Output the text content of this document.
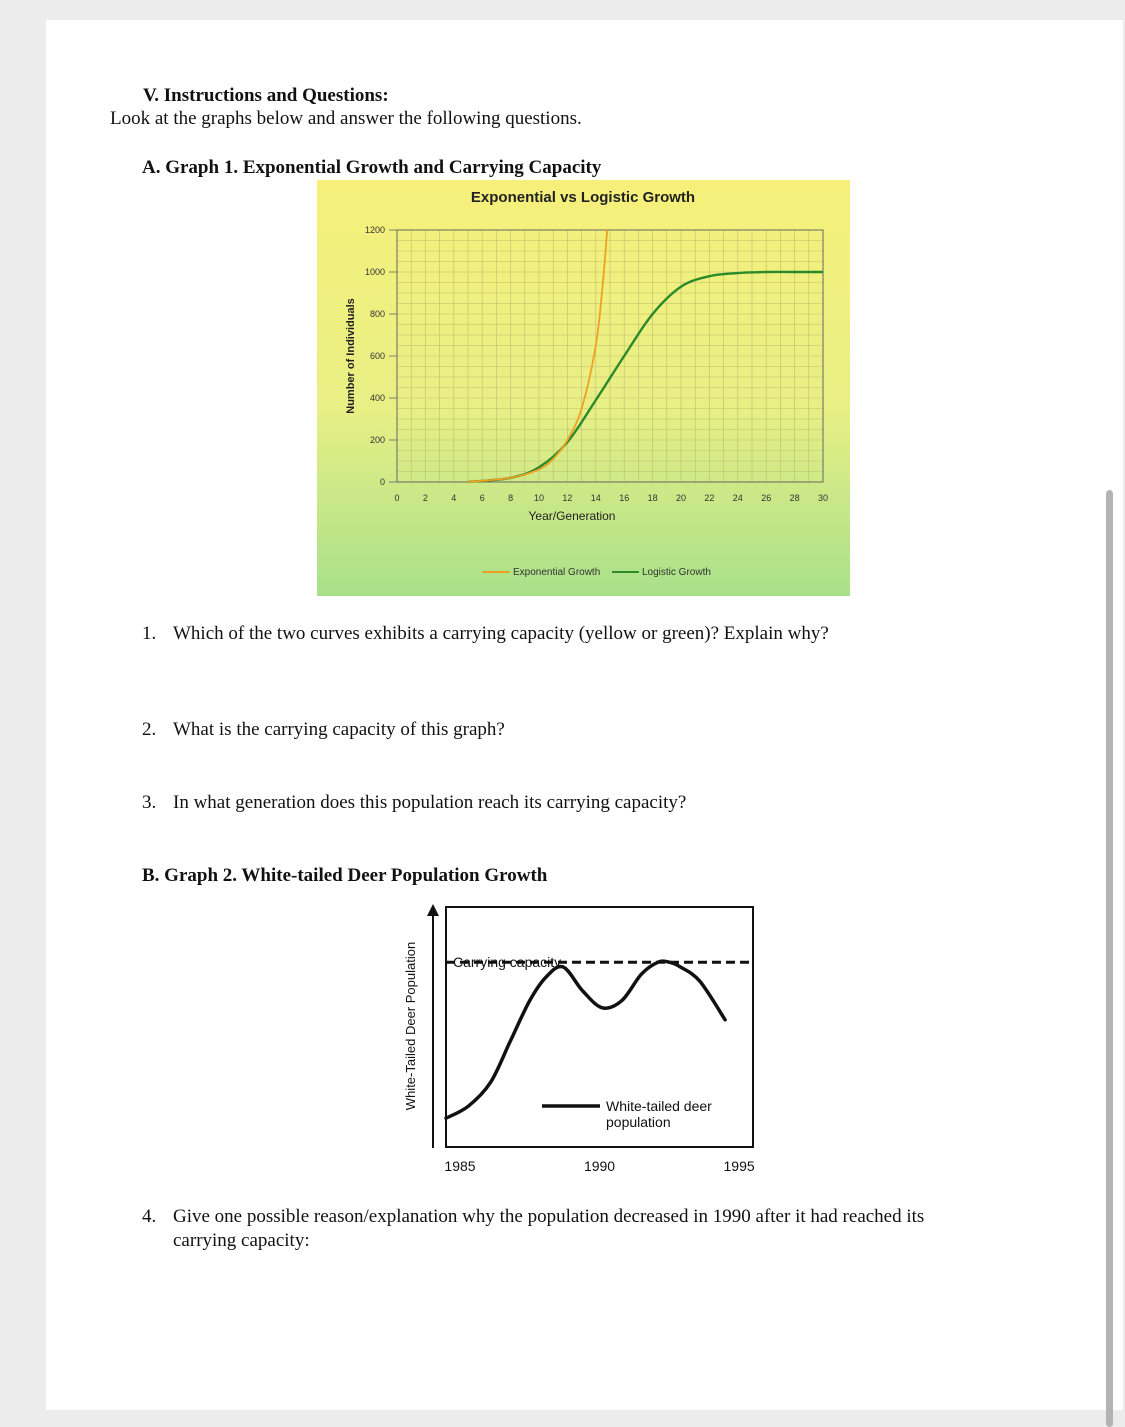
V. Instructions and Questions:
Look at the graphs below and answer the following questions.
A. Graph 1. Exponential Growth and Carrying Capacity
Exponential vs Logistic Growth
0
200
400
600
800
1000
1200
0	2	4	6	8 10 12 14 16 18 20 22 24 26 28 30
Year/Generation
Number of Individuals
Exponential Growth	Logistic Growth
1. Which of the two curves exhibits a carrying capacity (yellow or green)? Explain why?
2. What is the carrying capacity of this graph?
3. In what generation does this population reach its carrying capacity?
B. Graph 2. White-tailed Deer Population Growth
White-Tailed Deer Population	Carrying capacity
White-tailed deer population
1985	1990	1995
4. Give one possible reason/explanation why the population decreased in 1990 after it had reached its
carrying capacity:
